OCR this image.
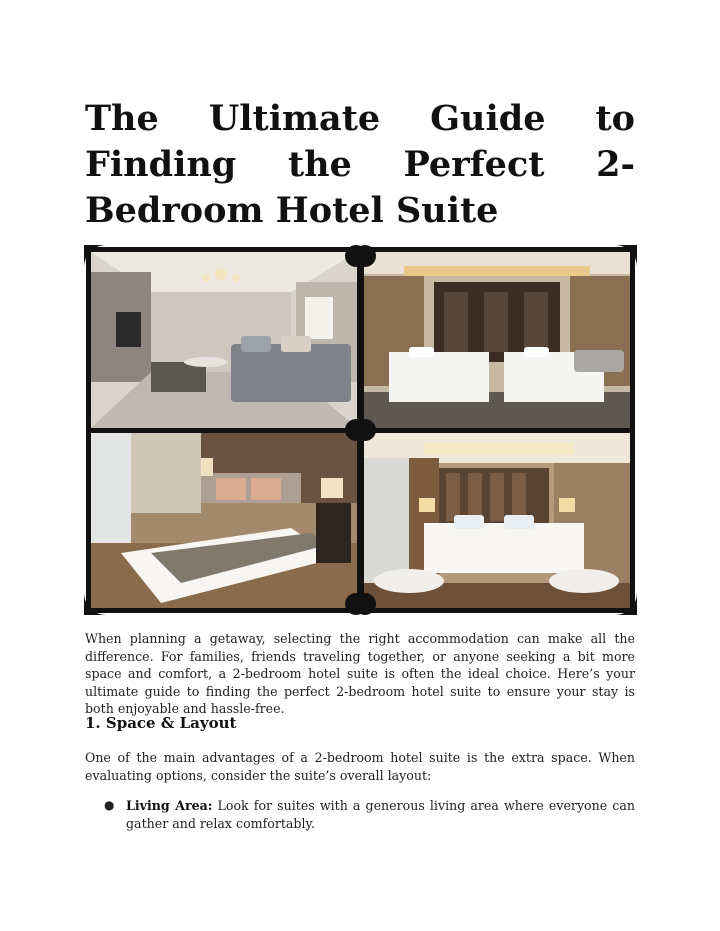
The Ultimate Guide to Finding the Perfect 2-Bedroom Hotel Suite

When planning a getaway, selecting the right accommodation can make all the difference. For families, friends traveling together, or anyone seeking a bit more space and comfort, a 2-bedroom hotel suite is often the ideal choice. Here’s your ultimate guide to finding the perfect 2-bedroom hotel suite to ensure your stay is both enjoyable and hassle-free.

1. Space & Layout

One of the main advantages of a 2-bedroom hotel suite is the extra space. When evaluating options, consider the suite’s overall layout:

● Living Area: Look for suites with a generous living area where everyone can gather and relax comfortably.
